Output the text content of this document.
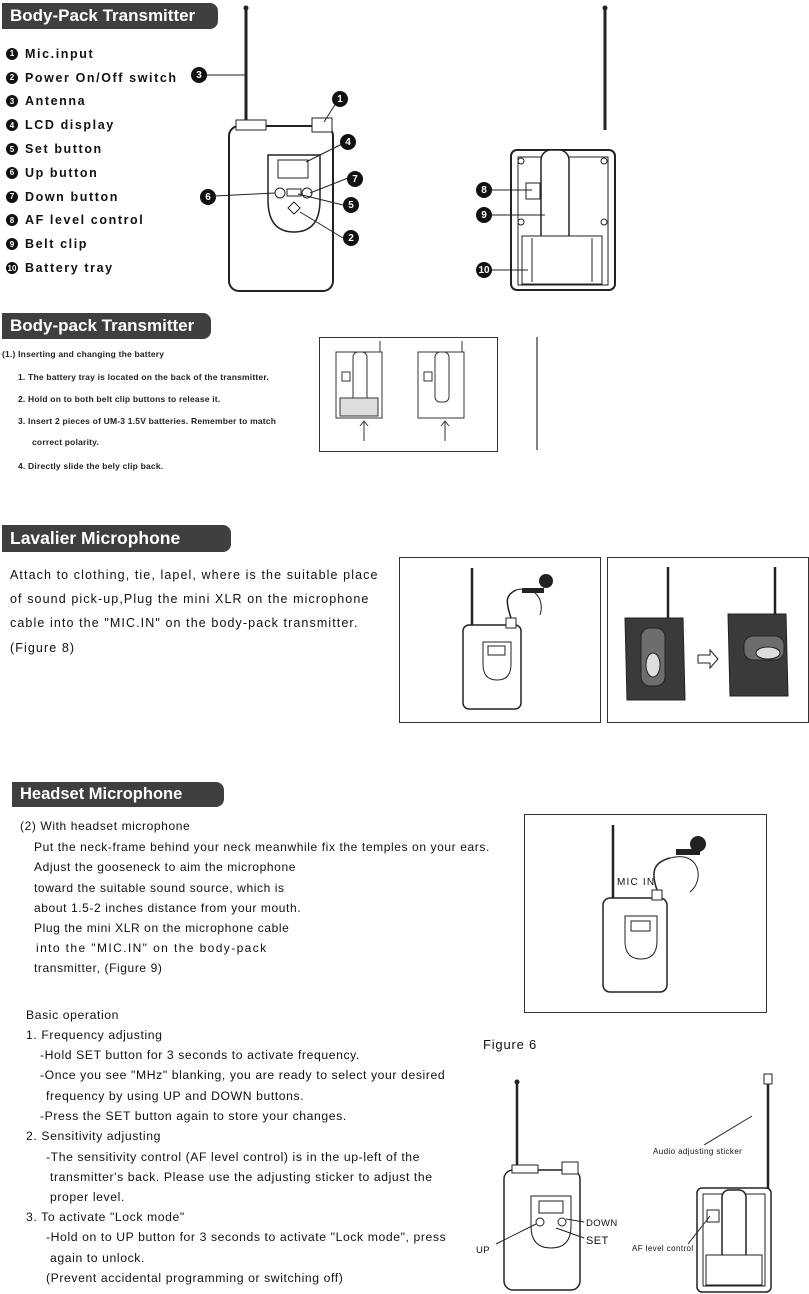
Body-Pack Transmitter
1 Mic.input
2 Power On/Off switch
3 Antenna
4 LCD display
5 Set button
6 Up button
7 Down button
8 AF level control
9 Belt clip
10 Battery tray
3
1
4
7
5
2
6
8
9
10
Body-pack Transmitter
(1.) Inserting and changing the battery
1. The battery tray is located on the back of the transmitter.
2. Hold on to both belt clip buttons to release it.
3. Insert 2 pieces of UM-3 1.5V batteries. Remember to match
correct polarity.
4. Directly slide the bely clip back.
Lavalier Microphone
Attach to clothing, tie, lapel, where is the suitable place
of sound pick-up,Plug the mini XLR on the microphone
cable into the "MIC.IN" on the body-pack transmitter.
(Figure 8)
Headset Microphone
(2) With headset microphone
Put the neck-frame behind your neck meanwhile fix the temples on your ears.
Adjust the gooseneck to aim the microphone
toward the suitable sound source, which is
about 1.5-2 inches distance from your mouth.
Plug the mini XLR on the microphone cable
into the "MIC.IN" on the body-pack
transmitter, (Figure 9)
MIC IN
Figure 6
Basic operation
1. Frequency adjusting
-Hold SET button for 3 seconds to activate frequency.
-Once you see "MHz" blanking, you are ready to select your desired
frequency by using UP and DOWN buttons.
-Press the SET button again to store your changes.
2. Sensitivity adjusting
-The sensitivity control (AF level control) is in the up-left of the
transmitter's back. Please use the adjusting sticker to adjust the
proper level.
3. To activate "Lock mode"
-Hold on to UP button for 3 seconds to activate "Lock mode", press
again to unlock.
(Prevent accidental programming or switching off)
DOWN
UP
SET
Audio adjusting sticker
AF level control
